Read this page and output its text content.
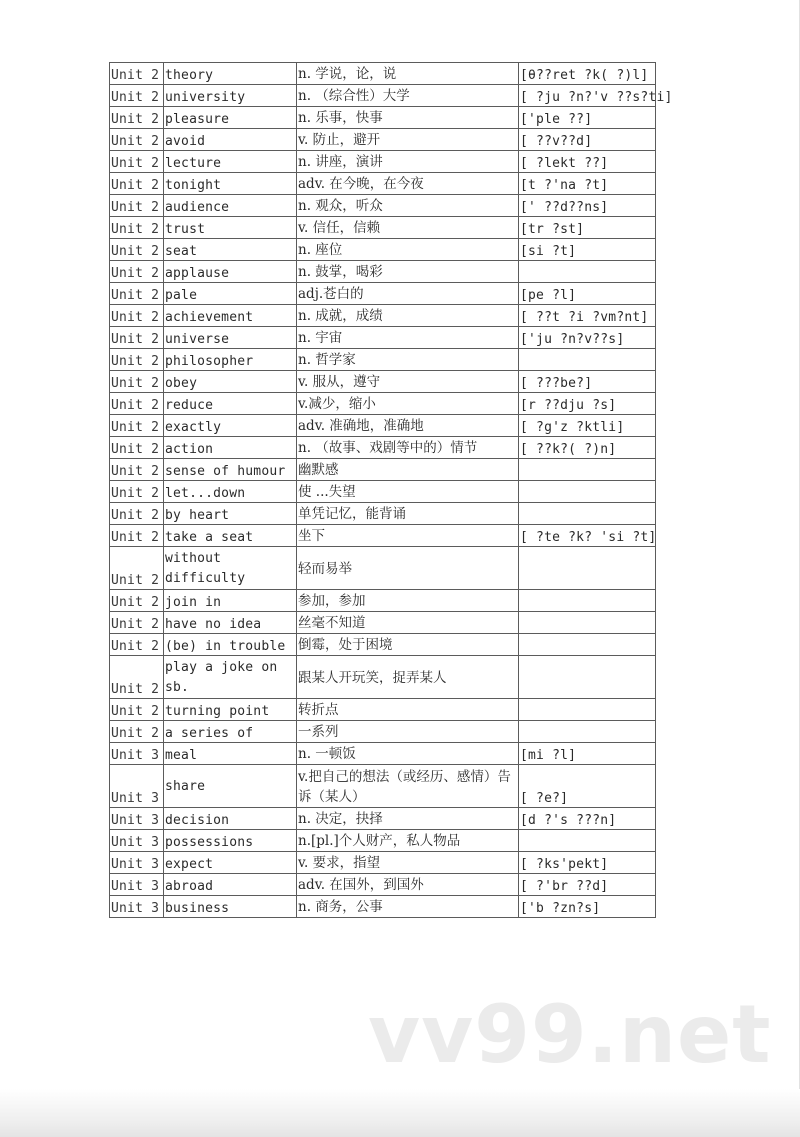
Unit 2	theory	n. 学说，论，说	[θ??ret ?k( ?)l]
Unit 2	university	n. （综合性）大学	[ ?ju ?n?'v ??s?ti]
Unit 2	pleasure	n. 乐事，快事	['ple ??]
Unit 2	avoid	v. 防止，避开	[ ??v??d]
Unit 2	lecture	n. 讲座，演讲	[ ?lekt ??]
Unit 2	tonight	adv. 在今晚，在今夜	[t ?'na ?t]
Unit 2	audience	n. 观众，听众	[' ??d??ns]
Unit 2	trust	v. 信任，信赖	[tr ?st]
Unit 2	seat	n. 座位	[si ?t]
Unit 2	applause	n. 鼓掌，喝彩	
Unit 2	pale	adj.苍白的	[pe ?l]
Unit 2	achievement	n. 成就，成绩	[ ??t ?i ?vm?nt]
Unit 2	universe	n. 宇宙	['ju ?n?v??s]
Unit 2	philosopher	n. 哲学家	
Unit 2	obey	v. 服从，遵守	[ ???be?]
Unit 2	reduce	v.减少，缩小	[r ??dju ?s]
Unit 2	exactly	adv. 准确地，准确地	[ ?g'z ?ktli]
Unit 2	action	n. （故事、戏剧等中的）情节	[ ??k?( ?)n]
Unit 2	sense of humour	幽默感	
Unit 2	let...down	使 ...失望	
Unit 2	by heart	单凭记忆，能背诵	
Unit 2	take a seat	坐下	[ ?te ?k? 'si ?t]
Unit 2	without difficulty	轻而易举	
Unit 2	join in	参加，参加	
Unit 2	have no idea	丝毫不知道	
Unit 2	(be) in trouble	倒霉，处于困境	
Unit 2	play a joke on sb.	跟某人开玩笑，捉弄某人	
Unit 2	turning point	转折点	
Unit 2	a series of	一系列	
Unit 3	meal	n. 一顿饭	[mi ?l]
Unit 3	share	v.把自己的想法（或经历、感情）告诉（某人）	[ ?e?]
Unit 3	decision	n. 决定，抉择	[d ?'s ???n]
Unit 3	possessions	n.[pl.]个人财产，私人物品	
Unit 3	expect	v. 要求，指望	[ ?ks'pekt]
Unit 3	abroad	adv. 在国外，到国外	[ ?'br ??d]
Unit 3	business	n. 商务，公事	['b ?zn?s]
vv99.net
